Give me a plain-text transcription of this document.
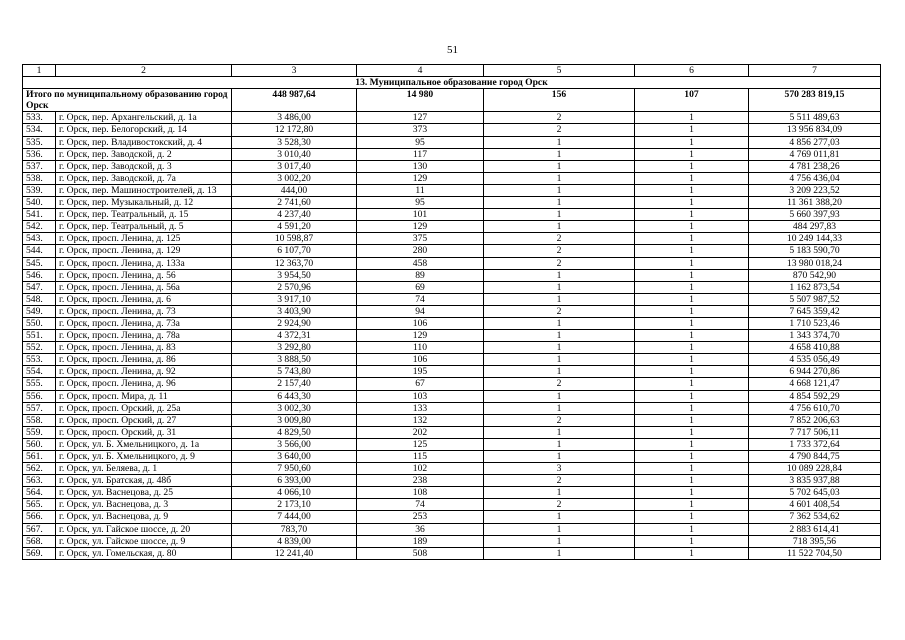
51
1	2	3	4	5	6	7
13. Муниципальное образование город Орск						
Итого по муниципальному образованию город Орск		448 987,64	14 980	156	107	570 283 819,15
533.	г. Орск, пер. Архангельский, д. 1а	3 486,00	127	2	1	5 511 489,63
534.	г. Орск, пер. Белогорский, д. 14	12 172,80	373	2	1	13 956 834,09
535.	г. Орск, пер. Владивостокский, д. 4	3 528,30	95	1	1	4 856 277,03
536.	г. Орск, пер. Заводской, д. 2	3 010,40	117	1	1	4 769 011,81
537.	г. Орск, пер. Заводской, д. 3	3 017,40	130	1	1	4 781 238,26
538.	г. Орск, пер. Заводской, д. 7а	3 002,20	129	1	1	4 756 436,04
539.	г. Орск, пер. Машиностроителей, д. 13	444,00	11	1	1	3 209 223,52
540.	г. Орск, пер. Музыкальный, д. 12	2 741,60	95	1	1	11 361 388,20
541.	г. Орск, пер. Театральный, д. 15	4 237,40	101	1	1	5 660 397,93
542.	г. Орск, пер. Театральный, д. 5	4 591,20	129	1	1	484 297,83
543.	г. Орск, просп. Ленина, д. 125	10 598,87	375	2	1	10 249 144,33
544.	г. Орск, просп. Ленина, д. 129	6 107,70	280	2	1	5 183 590,70
545.	г. Орск, просп. Ленина, д. 133а	12 363,70	458	2	1	13 980 018,24
546.	г. Орск, просп. Ленина, д. 56	3 954,50	89	1	1	870 542,90
547.	г. Орск, просп. Ленина, д. 56а	2 570,96	69	1	1	1 162 873,54
548.	г. Орск, просп. Ленина, д. 6	3 917,10	74	1	1	5 507 987,52
549.	г. Орск, просп. Ленина, д. 73	3 403,90	94	2	1	7 645 359,42
550.	г. Орск, просп. Ленина, д. 73а	2 924,90	106	1	1	1 710 523,46
551.	г. Орск, просп. Ленина, д. 78а	4 372,31	129	1	1	1 343 374,70
552.	г. Орск, просп. Ленина, д. 83	3 292,80	110	1	1	4 658 410,88
553.	г. Орск, просп. Ленина, д. 86	3 888,50	106	1	1	4 535 056,49
554.	г. Орск, просп. Ленина, д. 92	5 743,80	195	1	1	6 944 270,86
555.	г. Орск, просп. Ленина, д. 96	2 157,40	67	2	1	4 668 121,47
556.	г. Орск, просп. Мира, д. 11	6 443,30	103	1	1	4 854 592,29
557.	г. Орск, просп. Орский, д. 25а	3 002,30	133	1	1	4 756 610,70
558.	г. Орск, просп. Орский, д. 27	3 009,80	132	2	1	7 852 206,63
559.	г. Орск, просп. Орский, д. 31	4 829,50	202	1	1	7 717 506,11
560.	г. Орск, ул. Б. Хмельницкого, д. 1а	3 566,00	125	1	1	1 733 372,64
561.	г. Орск, ул. Б. Хмельницкого, д. 9	3 640,00	115	1	1	4 790 844,75
562.	г. Орск, ул. Беляева, д. 1	7 950,60	102	3	1	10 089 228,84
563.	г. Орск, ул. Братская, д. 48б	6 393,00	238	2	1	3 835 937,88
564.	г. Орск, ул. Васнецова, д. 25	4 066,10	108	1	1	5 702 645,03
565.	г. Орск, ул. Васнецова, д. 3	2 173,10	74	2	1	4 601 408,54
566.	г. Орск, ул. Васнецова, д. 9	7 444,00	253	1	1	7 362 534,62
567.	г. Орск, ул. Гайское шоссе, д. 20	783,70	36	1	1	2 883 614,41
568.	г. Орск, ул. Гайское шоссе, д. 9	4 839,00	189	1	1	718 395,56
569.	г. Орск, ул. Гомельская, д. 80	12 241,40	508	1	1	11 522 704,50
